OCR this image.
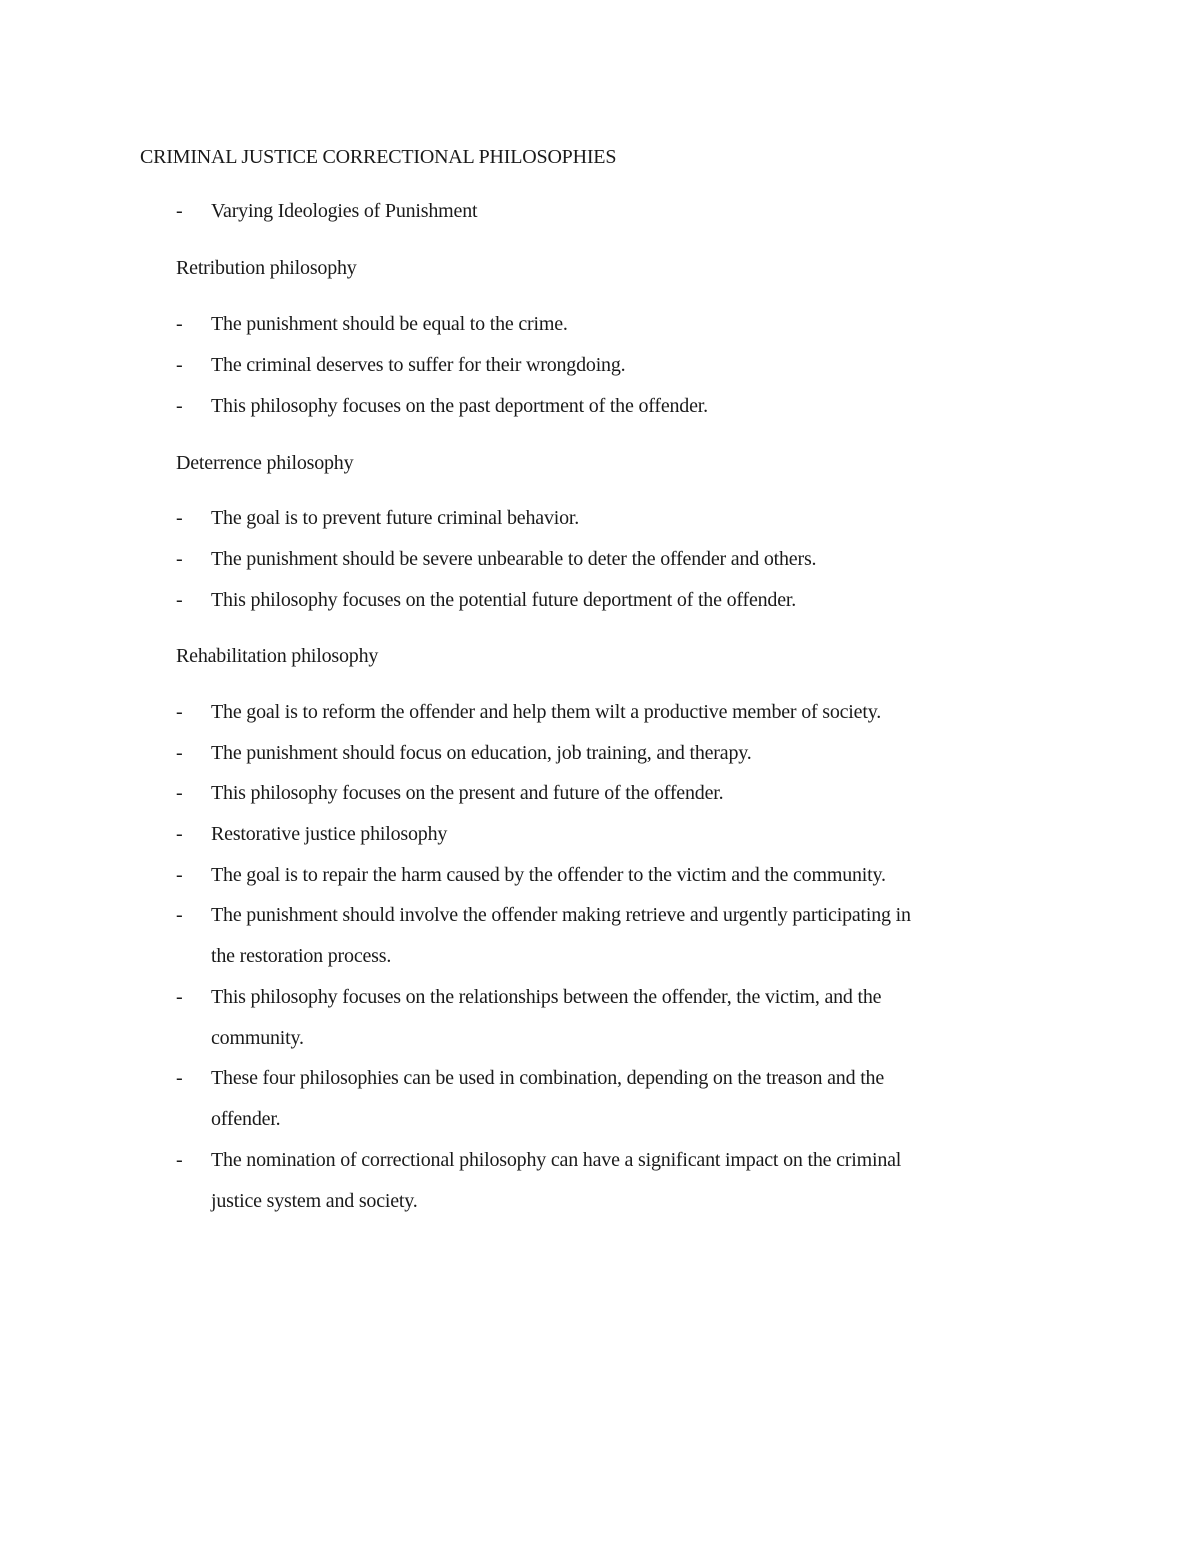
CRIMINAL JUSTICE CORRECTIONAL PHILOSOPHIES
- Varying Ideologies of Punishment
Retribution philosophy
- The punishment should be equal to the crime.
- The criminal deserves to suffer for their wrongdoing.
- This philosophy focuses on the past deportment of the offender.
Deterrence philosophy
- The goal is to prevent future criminal behavior.
- The punishment should be severe unbearable to deter the offender and others.
- This philosophy focuses on the potential future deportment of the offender.
Rehabilitation philosophy
- The goal is to reform the offender and help them wilt a productive member of society.
- The punishment should focus on education, job training, and therapy.
- This philosophy focuses on the present and future of the offender.
- Restorative justice philosophy
- The goal is to repair the harm caused by the offender to the victim and the community.
- The punishment should involve the offender making retrieve and urgently participating in
the restoration process.
- This philosophy focuses on the relationships between the offender, the victim, and the
community.
- These four philosophies can be used in combination, depending on the treason and the
offender.
- The nomination of correctional philosophy can have a significant impact on the criminal
justice system and society.
